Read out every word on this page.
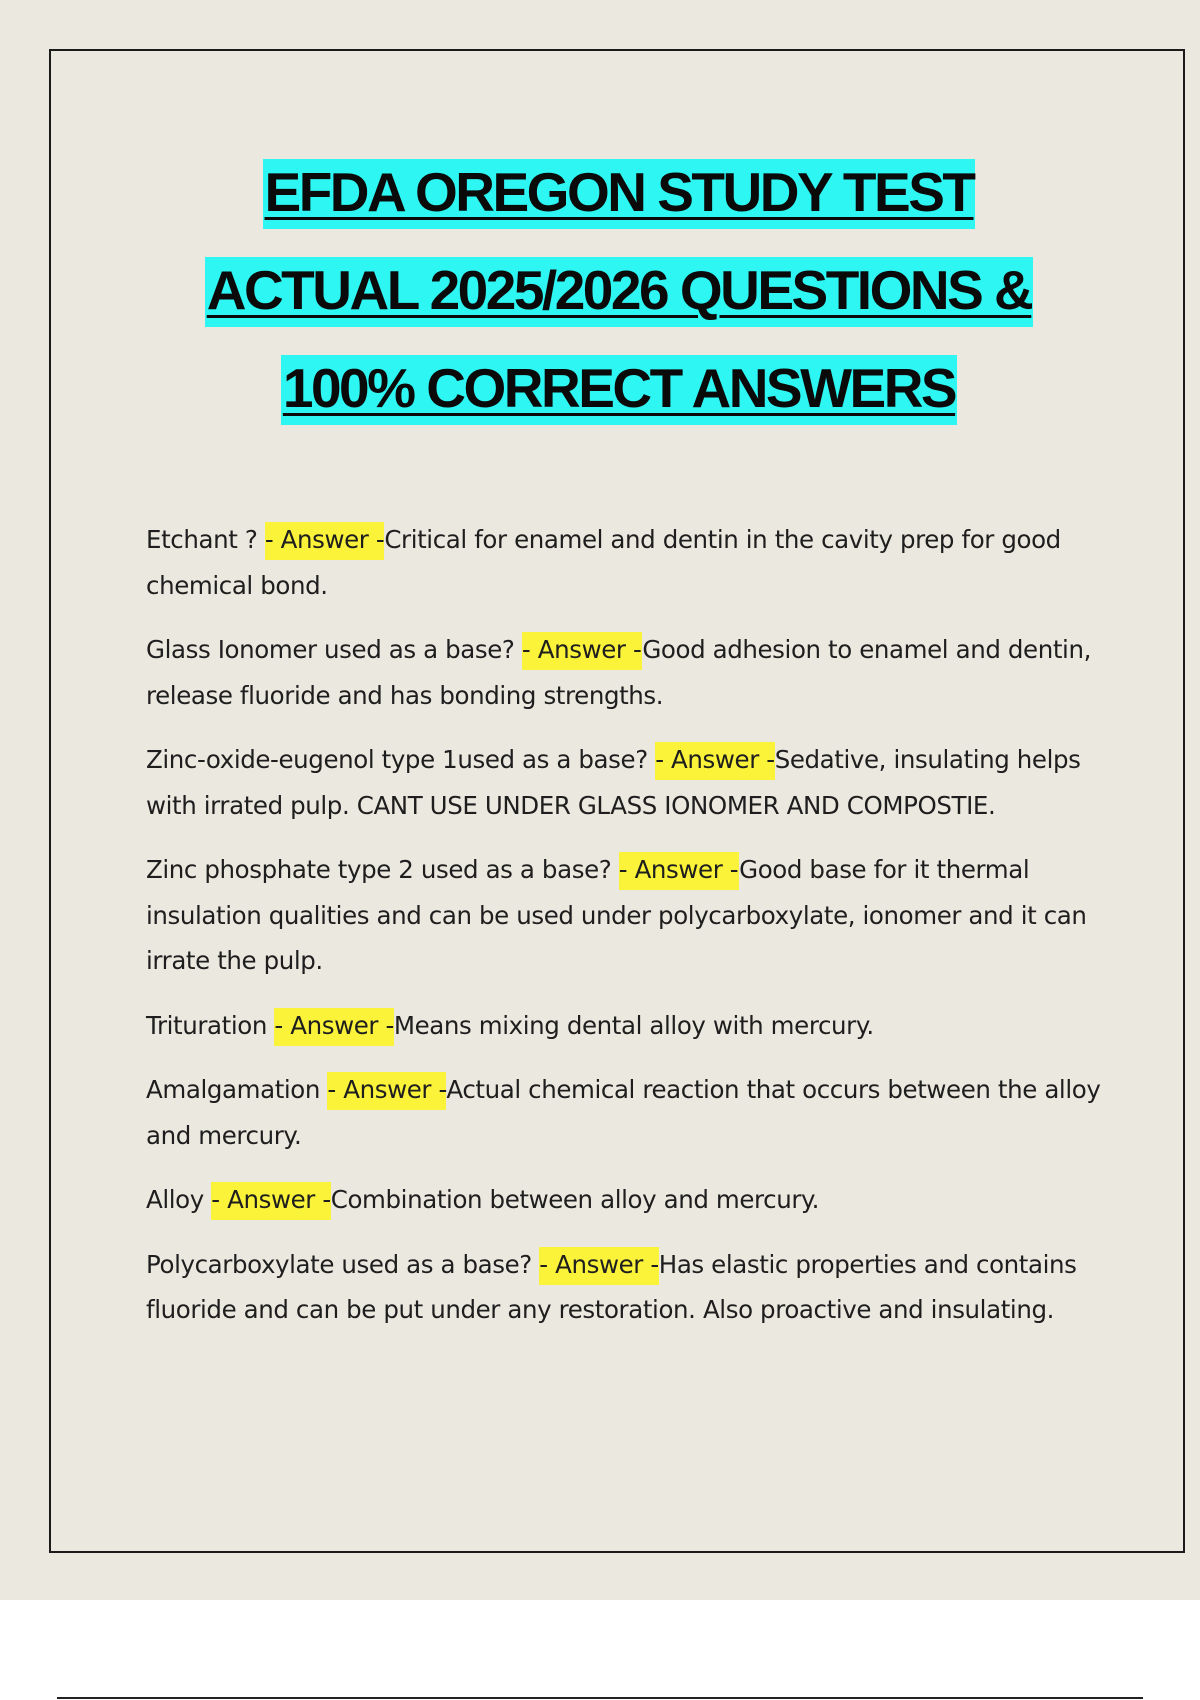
EFDA OREGON STUDY TEST
ACTUAL 2025/2026 QUESTIONS &
100% CORRECT ANSWERS

Etchant ? - Answer -Critical for enamel and dentin in the cavity prep for good chemical bond.

Glass Ionomer used as a base? - Answer -Good adhesion to enamel and dentin, release fluoride and has bonding strengths.

Zinc-oxide-eugenol type 1used as a base? - Answer -Sedative, insulating helps with irrated pulp. CANT USE UNDER GLASS IONOMER AND COMPOSTIE.

Zinc phosphate type 2 used as a base? - Answer -Good base for it thermal insulation qualities and can be used under polycarboxylate, ionomer and it can irrate the pulp.

Trituration - Answer -Means mixing dental alloy with mercury.

Amalgamation - Answer -Actual chemical reaction that occurs between the alloy and mercury.

Alloy - Answer -Combination between alloy and mercury.

Polycarboxylate used as a base? - Answer -Has elastic properties and contains fluoride and can be put under any restoration. Also proactive and insulating.
